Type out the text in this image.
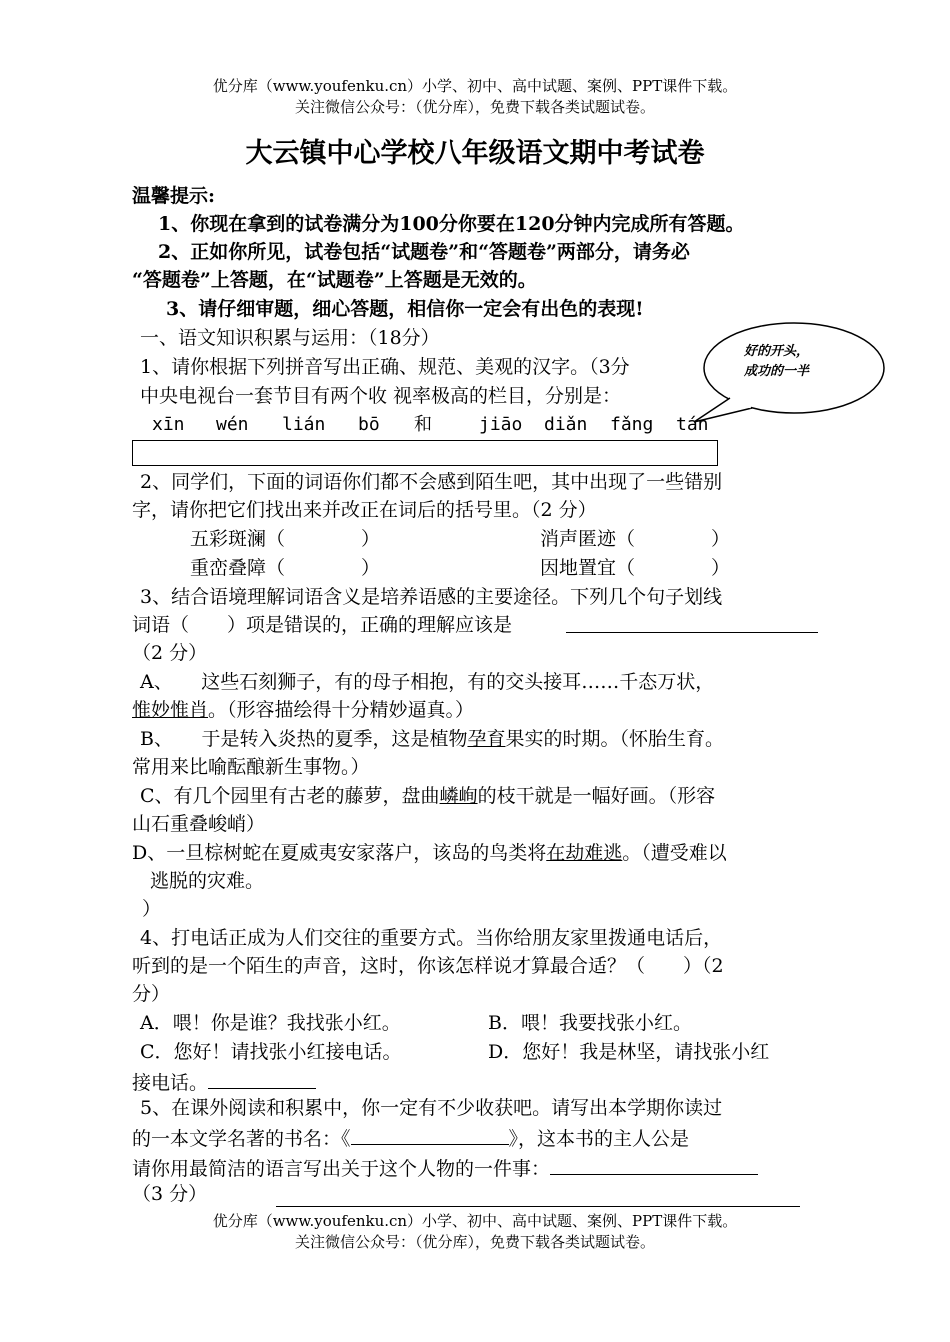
优分库（www.youfenku.cn）小学、初中、高中试题、案例、PPT课件下载。
关注微信公众号：（优分库），免费下载各类试题试卷。
大云镇中心学校八年级语文期中考试卷
温馨提示:
1、你现在拿到的试卷满分为100分你要在120分钟内完成所有答题。
2、正如你所见，试卷包括“试题卷”和“答题卷”两部分，请务必
“答题卷”上答题，在“试题卷”上答题是无效的。
3、请仔细审题，细心答题，相信你一定会有出色的表现!
一、语文知识积累与运用：（18分）
好的开头，
成功的一半
1、请你根据下列拼音写出正确、规范、美观的汉字。（3分
中央电视台一套节目有两个收 视率极高的栏目，分别是：
xīn wén lián bō 和	jiāo diǎn fǎng tán
2、同学们，下面的词语你们都不会感到陌生吧，其中出现了一些错别
字，请你把它们找出来并改正在词后的括号里。（2 分）
五彩斑澜（　　　　）	消声匿迹（　　　　）
重峦叠障（　　　　）	因地置宜（　　　　）
3、结合语境理解词语含义是培养语感的主要途径。下列几个句子划线
词语（　　）项是错误的，正确的理解应该是
（2 分）
A、　　这些石刻狮子，有的母子相抱，有的交头接耳……千态万状，
惟妙惟肖。（形容描绘得十分精妙逼真。）
B、　　于是转入炎热的夏季，这是植物孕育果实的时期。（怀胎生育。
常用来比喻酝酿新生事物。）
C、有几个园里有古老的藤萝，盘曲嶙峋的枝干就是一幅好画。（形容
山石重叠峻峭）
D、一旦棕树蛇在夏威夷安家落户，该岛的鸟类将在劫难逃。（遭受难以
逃脱的灾难。
）
4、打电话正成为人们交往的重要方式。当你给朋友家里拨通电话后，
听到的是一个陌生的声音，这时，你该怎样说才算最合适？（　　）（2
分）
A．喂！你是谁？我找张小红。	B．喂！我要找张小红。
C．您好！请找张小红接电话。	D．您好！我是林坚，请找张小红
接电话。
5、在课外阅读和积累中，你一定有不少收获吧。请写出本学期你读过
的一本文学名著的书名：《	》，这本书的主人公是
请你用最简洁的语言写出关于这个人物的一件事：
（3 分）
优分库（www.youfenku.cn）小学、初中、高中试题、案例、PPT课件下载。
关注微信公众号：（优分库），免费下载各类试题试卷。
